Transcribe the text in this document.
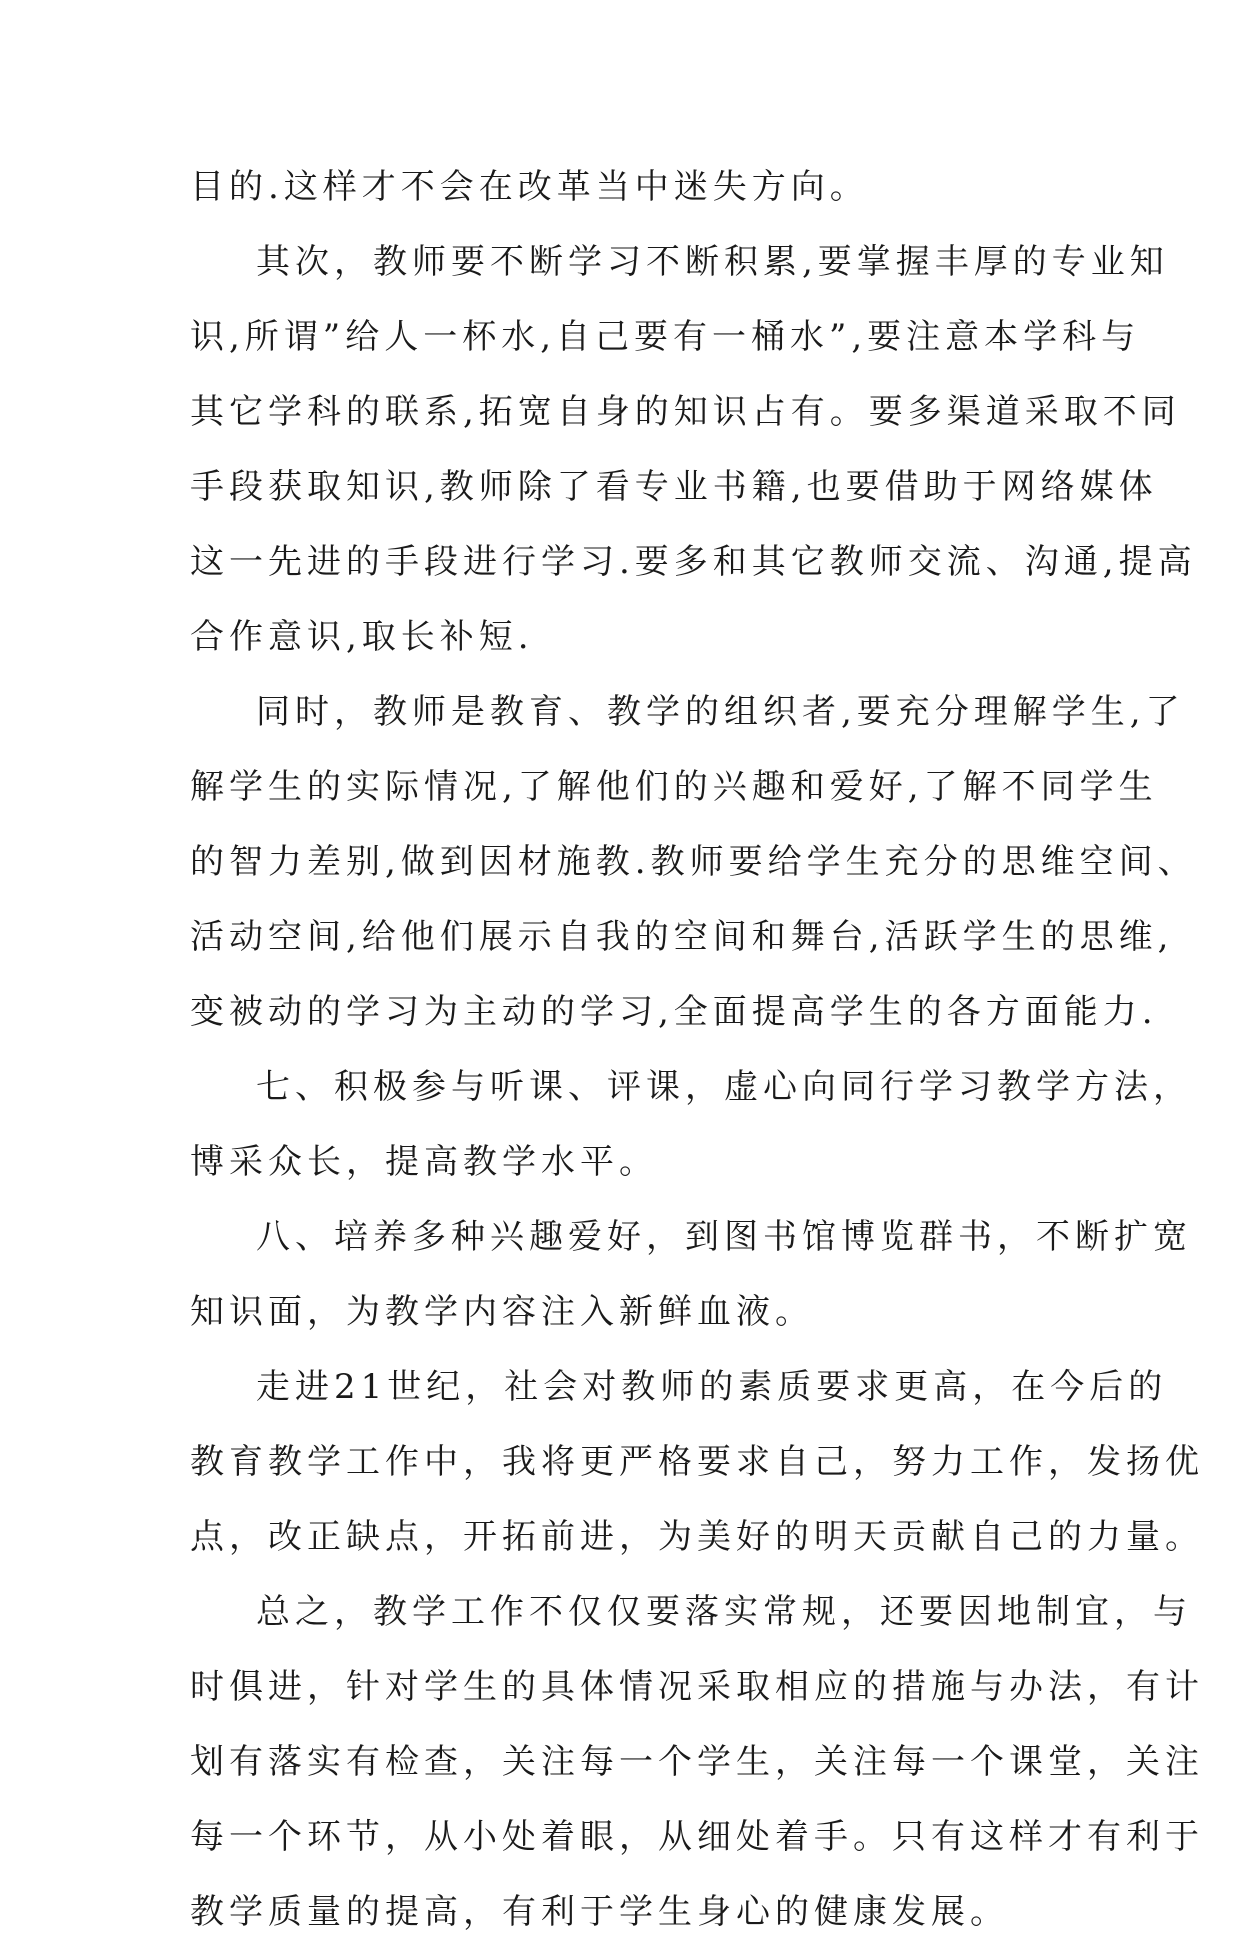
目的.这样才不会在改革当中迷失方向。
其次，教师要不断学习不断积累,要掌握丰厚的专业知
识,所谓”给人一杯水,自己要有一桶水”,要注意本学科与
其它学科的联系,拓宽自身的知识占有。要多渠道采取不同
手段获取知识,教师除了看专业书籍,也要借助于网络媒体
这一先进的手段进行学习.要多和其它教师交流、沟通,提高
合作意识,取长补短.
同时，教师是教育、教学的组织者,要充分理解学生,了
解学生的实际情况,了解他们的兴趣和爱好,了解不同学生
的智力差别,做到因材施教.教师要给学生充分的思维空间、
活动空间,给他们展示自我的空间和舞台,活跃学生的思维,
变被动的学习为主动的学习,全面提高学生的各方面能力.
七、积极参与听课、评课，虚心向同行学习教学方法，
博采众长，提高教学水平。
八、培养多种兴趣爱好，到图书馆博览群书，不断扩宽
知识面，为教学内容注入新鲜血液。
走进21世纪，社会对教师的素质要求更高，在今后的
教育教学工作中，我将更严格要求自己，努力工作，发扬优
点，改正缺点，开拓前进，为美好的明天贡献自己的力量。
总之，教学工作不仅仅要落实常规，还要因地制宜，与
时俱进，针对学生的具体情况采取相应的措施与办法，有计
划有落实有检查，关注每一个学生，关注每一个课堂，关注
每一个环节，从小处着眼，从细处着手。只有这样才有利于
教学质量的提高，有利于学生身心的健康发展。
